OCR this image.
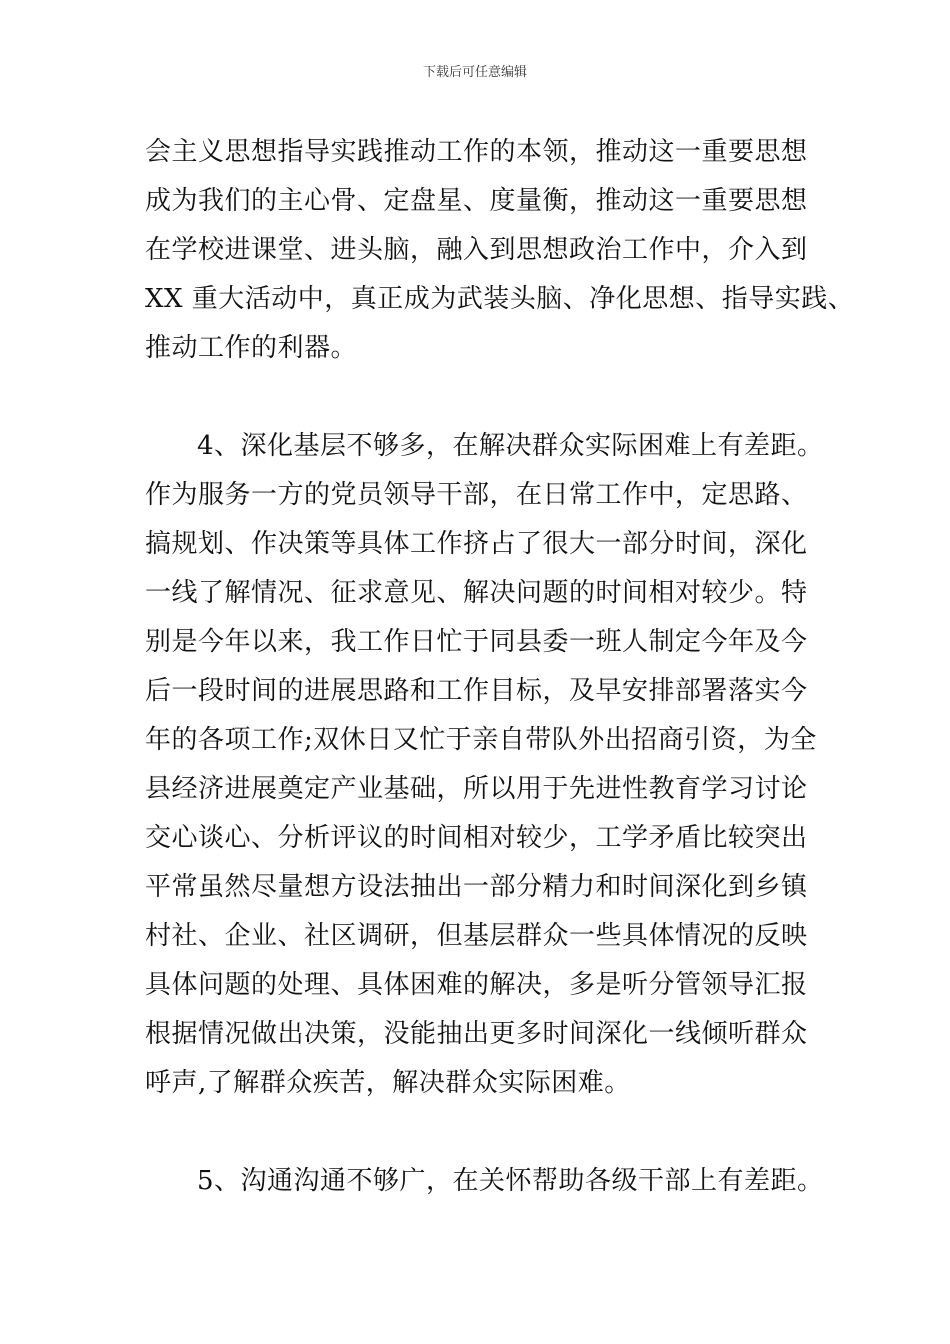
下载后可任意编辑
会主义思想指导实践推动工作的本领，推动这一重要思想
成为我们的主心骨、定盘星、度量衡，推动这一重要思想
在学校进课堂、进头脑，融入到思想政治工作中，介入到
XX 重大活动中，真正成为武装头脑、净化思想、指导实践、
推动工作的利器。
4、深化基层不够多，在解决群众实际困难上有差距。
作为服务一方的党员领导干部，在日常工作中，定思路、
搞规划、作决策等具体工作挤占了很大一部分时间，深化
一线了解情况、征求意见、解决问题的时间相对较少。特
别是今年以来，我工作日忙于同县委一班人制定今年及今
后一段时间的进展思路和工作目标，及早安排部署落实今
年的各项工作;双休日又忙于亲自带队外出招商引资，为全
县经济进展奠定产业基础，所以用于先进性教育学习讨论
交心谈心、分析评议的时间相对较少，工学矛盾比较突出
平常虽然尽量想方设法抽出一部分精力和时间深化到乡镇
村社、企业、社区调研，但基层群众一些具体情况的反映
具体问题的处理、具体困难的解决，多是听分管领导汇报
根据情况做出决策，没能抽出更多时间深化一线倾听群众
呼声,了解群众疾苦，解决群众实际困难。
5、沟通沟通不够广，在关怀帮助各级干部上有差距。
